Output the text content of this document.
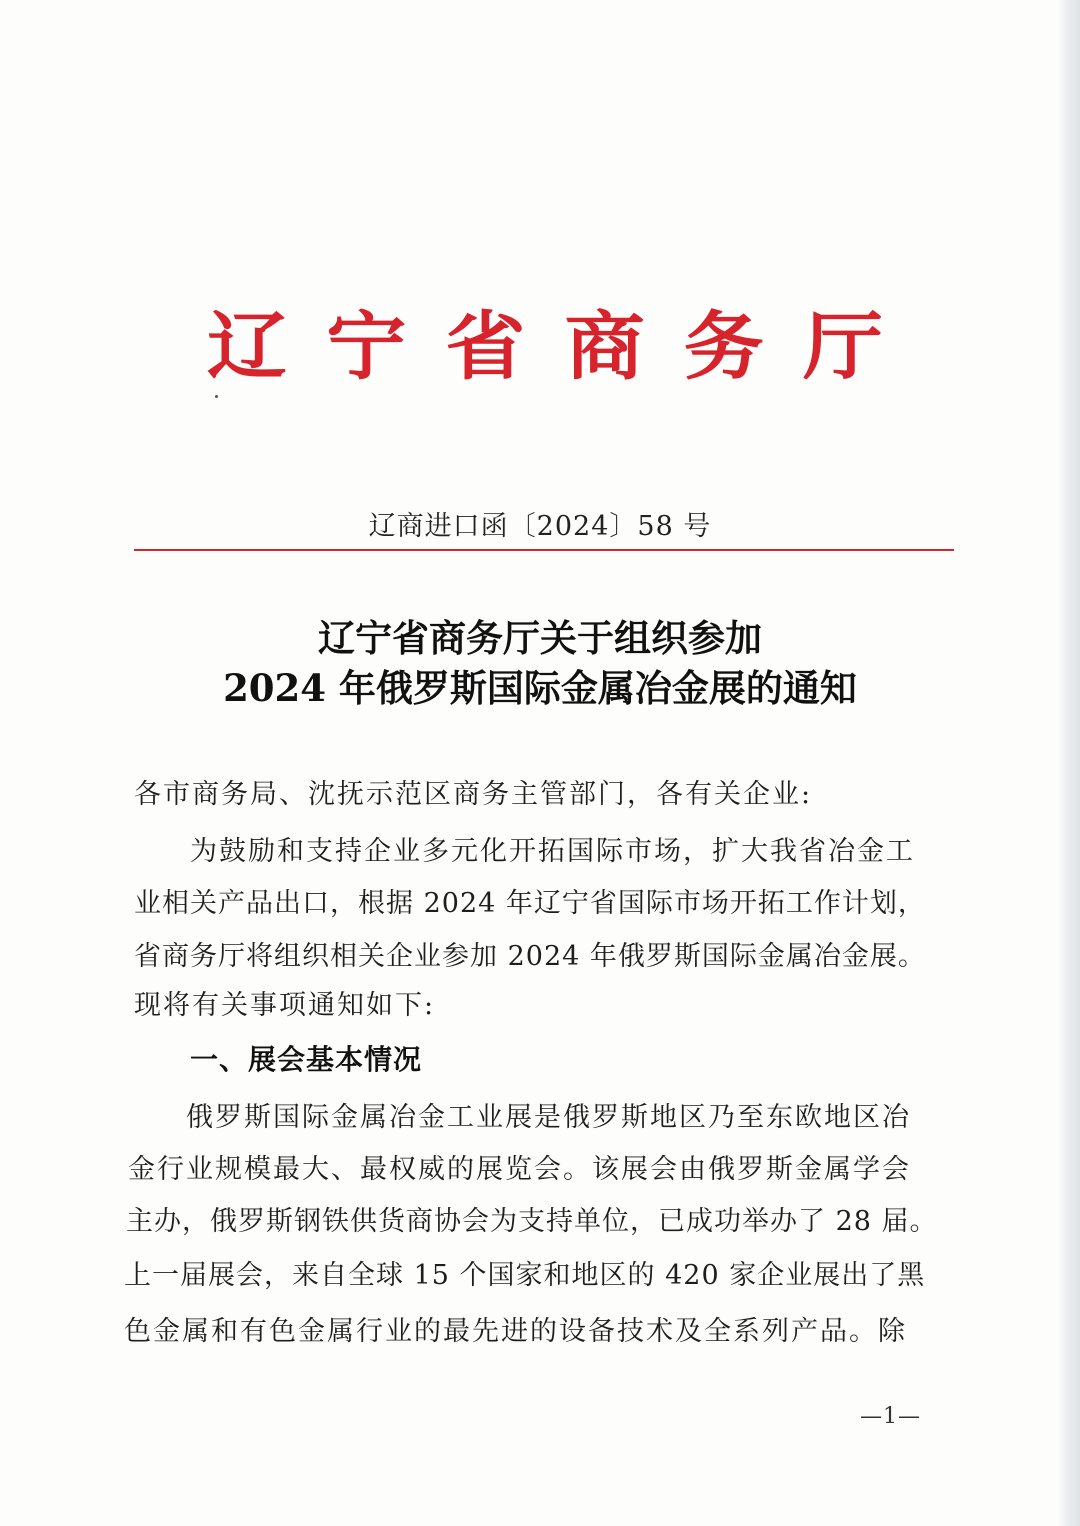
辽 宁 省 商 务 厅
辽商进口函〔2024〕58 号
辽宁省商务厅关于组织参加
2024 年俄罗斯国际金属冶金展的通知
各市商务局、沈抚示范区商务主管部门，各有关企业:
为鼓励和支持企业多元化开拓国际市场，扩大我省冶金工
业相关产品出口，根据 2024 年辽宁省国际市场开拓工作计划，
省商务厅将组织相关企业参加 2024 年俄罗斯国际金属冶金展。
现将有关事项通知如下:
一、展会基本情况
俄罗斯国际金属冶金工业展是俄罗斯地区乃至东欧地区冶
金行业规模最大、最权威的展览会。该展会由俄罗斯金属学会
主办，俄罗斯钢铁供货商协会为支持单位，已成功举办了 28 届。
上一届展会，来自全球 15 个国家和地区的 420 家企业展出了黑
色金属和有色金属行业的最先进的设备技术及全系列产品。除
—1—
